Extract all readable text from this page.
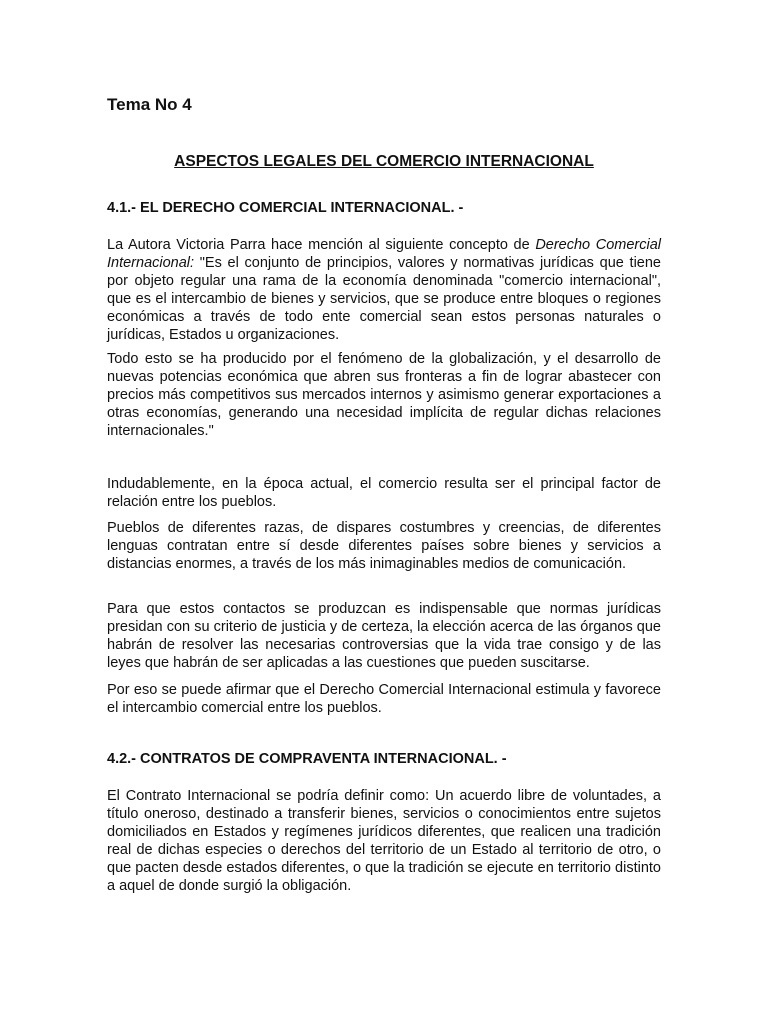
Tema No 4
ASPECTOS LEGALES DEL COMERCIO INTERNACIONAL
4.1.- EL DERECHO COMERCIAL INTERNACIONAL. -

La Autora Victoria Parra hace mención al siguiente concepto de Derecho Comercial Internacional: "Es el conjunto de principios, valores y normativas jurídicas que tiene por objeto regular una rama de la economía denominada "comercio internacional", que es el intercambio de bienes y servicios, que se produce entre bloques o regiones económicas a través de todo ente comercial sean estos personas naturales o jurídicas, Estados u organizaciones.

Todo esto se ha producido por el fenómeno de la globalización, y el desarrollo de nuevas potencias económica que abren sus fronteras a fin de lograr abastecer con precios más competitivos sus mercados internos y asimismo generar exportaciones a otras economías, generando una necesidad implícita de regular dichas relaciones internacionales."

Indudablemente, en la época actual, el comercio resulta ser el principal factor de relación entre los pueblos.

Pueblos de diferentes razas, de dispares costumbres y creencias, de diferentes lenguas contratan entre sí desde diferentes países sobre bienes y servicios a distancias enormes, a través de los más inimaginables medios de comunicación.

Para que estos contactos se produzcan es indispensable que normas jurídicas presidan con su criterio de justicia y de certeza, la elección acerca de las órganos que habrán de resolver las necesarias controversias que la vida trae consigo y de las leyes que habrán de ser aplicadas a las cuestiones que pueden suscitarse.

Por eso se puede afirmar que el Derecho Comercial Internacional estimula y favorece el intercambio comercial entre los pueblos.

4.2.- CONTRATOS DE COMPRAVENTA INTERNACIONAL. -

El Contrato Internacional se podría definir como: Un acuerdo libre de voluntades, a título oneroso, destinado a transferir bienes, servicios o conocimientos entre sujetos domiciliados en Estados y regímenes jurídicos diferentes, que realicen una tradición real de dichas especies o derechos del territorio de un Estado al territorio de otro, o que pacten desde estados diferentes, o que la tradición se ejecute en territorio distinto a aquel de donde surgió la obligación.
